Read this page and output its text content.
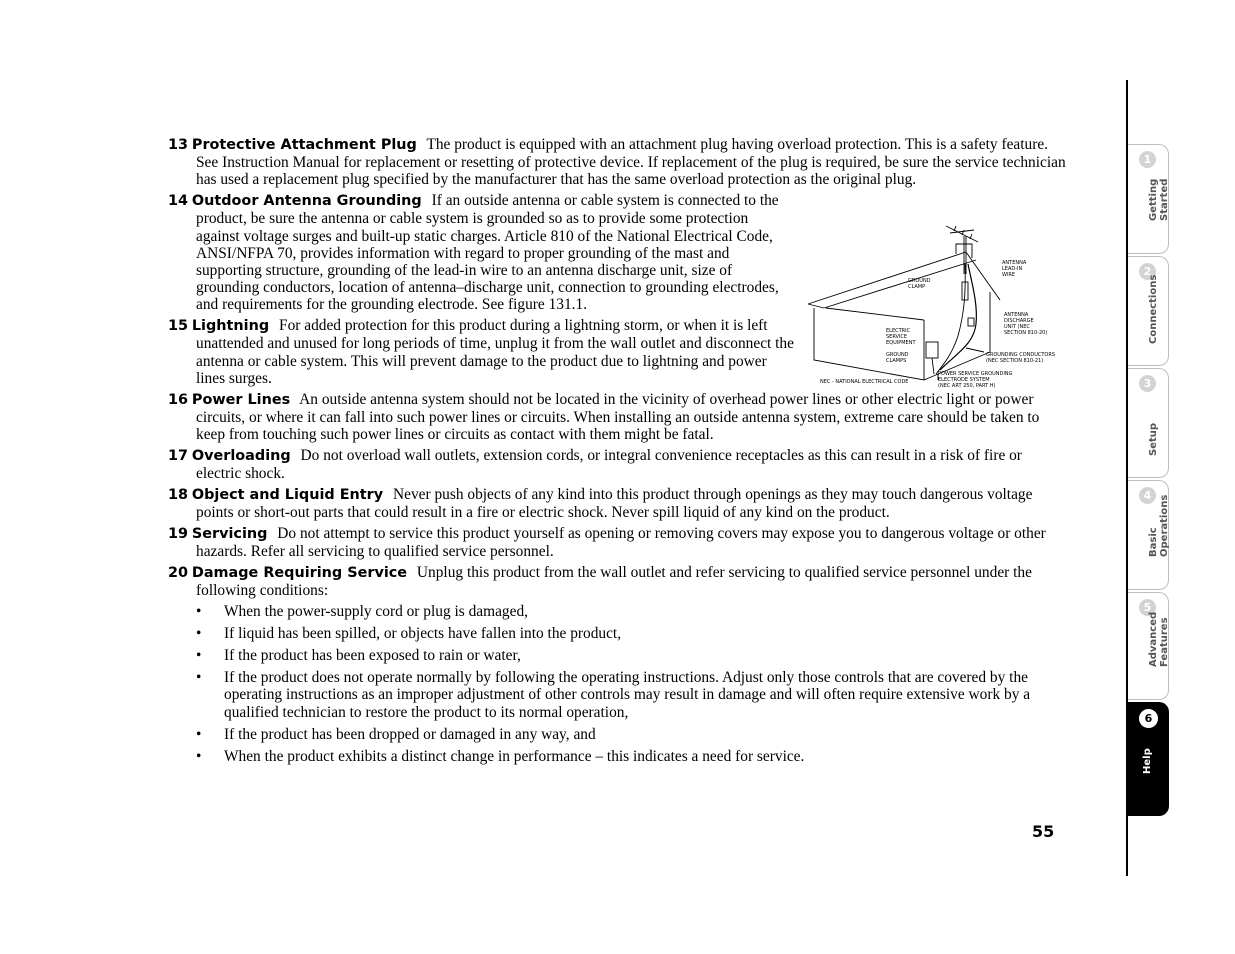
13 Protective Attachment Plug The product is equipped with an attachment plug having overload protection. This is a safety feature. See Instruction Manual for replacement or resetting of protective device. If replacement of the plug is required, be sure the service technician has used a replacement plug specified by the manufacturer that has the same overload protection as the original plug.

14 Outdoor Antenna Grounding If an outside antenna or cable system is connected to the product, be sure the antenna or cable system is grounded so as to provide some protection against voltage surges and built-up static charges. Article 810 of the National Electrical Code, ANSI/NFPA 70, provides information with regard to proper grounding of the mast and supporting structure, grounding of the lead-in wire to an antenna discharge unit, size of grounding conductors, location of antenna–discharge unit, connection to grounding electrodes, and requirements for the grounding electrode. See figure 131.1.

15 Lightning For added protection for this product during a lightning storm, or when it is left unattended and unused for long periods of time, unplug it from the wall outlet and disconnect the antenna or cable system. This will prevent damage to the product due to lightning and power lines surges.

16 Power Lines An outside antenna system should not be located in the vicinity of overhead power lines or other electric light or power circuits, or where it can fall into such power lines or circuits. When installing an outside antenna system, extreme care should be taken to keep from touching such power lines or circuits as contact with them might be fatal.

17 Overloading Do not overload wall outlets, extension cords, or integral convenience receptacles as this can result in a risk of fire or electric shock.

18 Object and Liquid Entry Never push objects of any kind into this product through openings as they may touch dangerous voltage points or short-out parts that could result in a fire or electric shock. Never spill liquid of any kind on the product.

19 Servicing Do not attempt to service this product yourself as opening or removing covers may expose you to dangerous voltage or other hazards. Refer all servicing to qualified service personnel.

20 Damage Requiring Service Unplug this product from the wall outlet and refer servicing to qualified service personnel under the following conditions:

• When the power-supply cord or plug is damaged,
• If liquid has been spilled, or objects have fallen into the product,
• If the product has been exposed to rain or water,
• If the product does not operate normally by following the operating instructions. Adjust only those controls that are covered by the operating instructions as an improper adjustment of other controls may result in damage and will often require extensive work by a qualified technician to restore the product to its normal operation,
• If the product has been dropped or damaged in any way, and
• When the product exhibits a distinct change in performance – this indicates a need for service.
ANTENNA LEAD-IN WIRE
GROUND CLAMP
ANTENNA DISCHARGE UNIT (NEC SECTION 810-20)
ELECTRIC SERVICE EQUIPMENT
GROUND CLAMPS
GROUNDING CONDUCTORS (NEC SECTION 810-21)
POWER SERVICE GROUNDING ELECTRODE SYSTEM (NEC ART 250, PART H)
NEC - NATIONAL ELECTRICAL CODE
55
1
Getting
Started
2
Connections
3
Setup
4
Basic
Operations
5
Advanced
Features
6
Help
